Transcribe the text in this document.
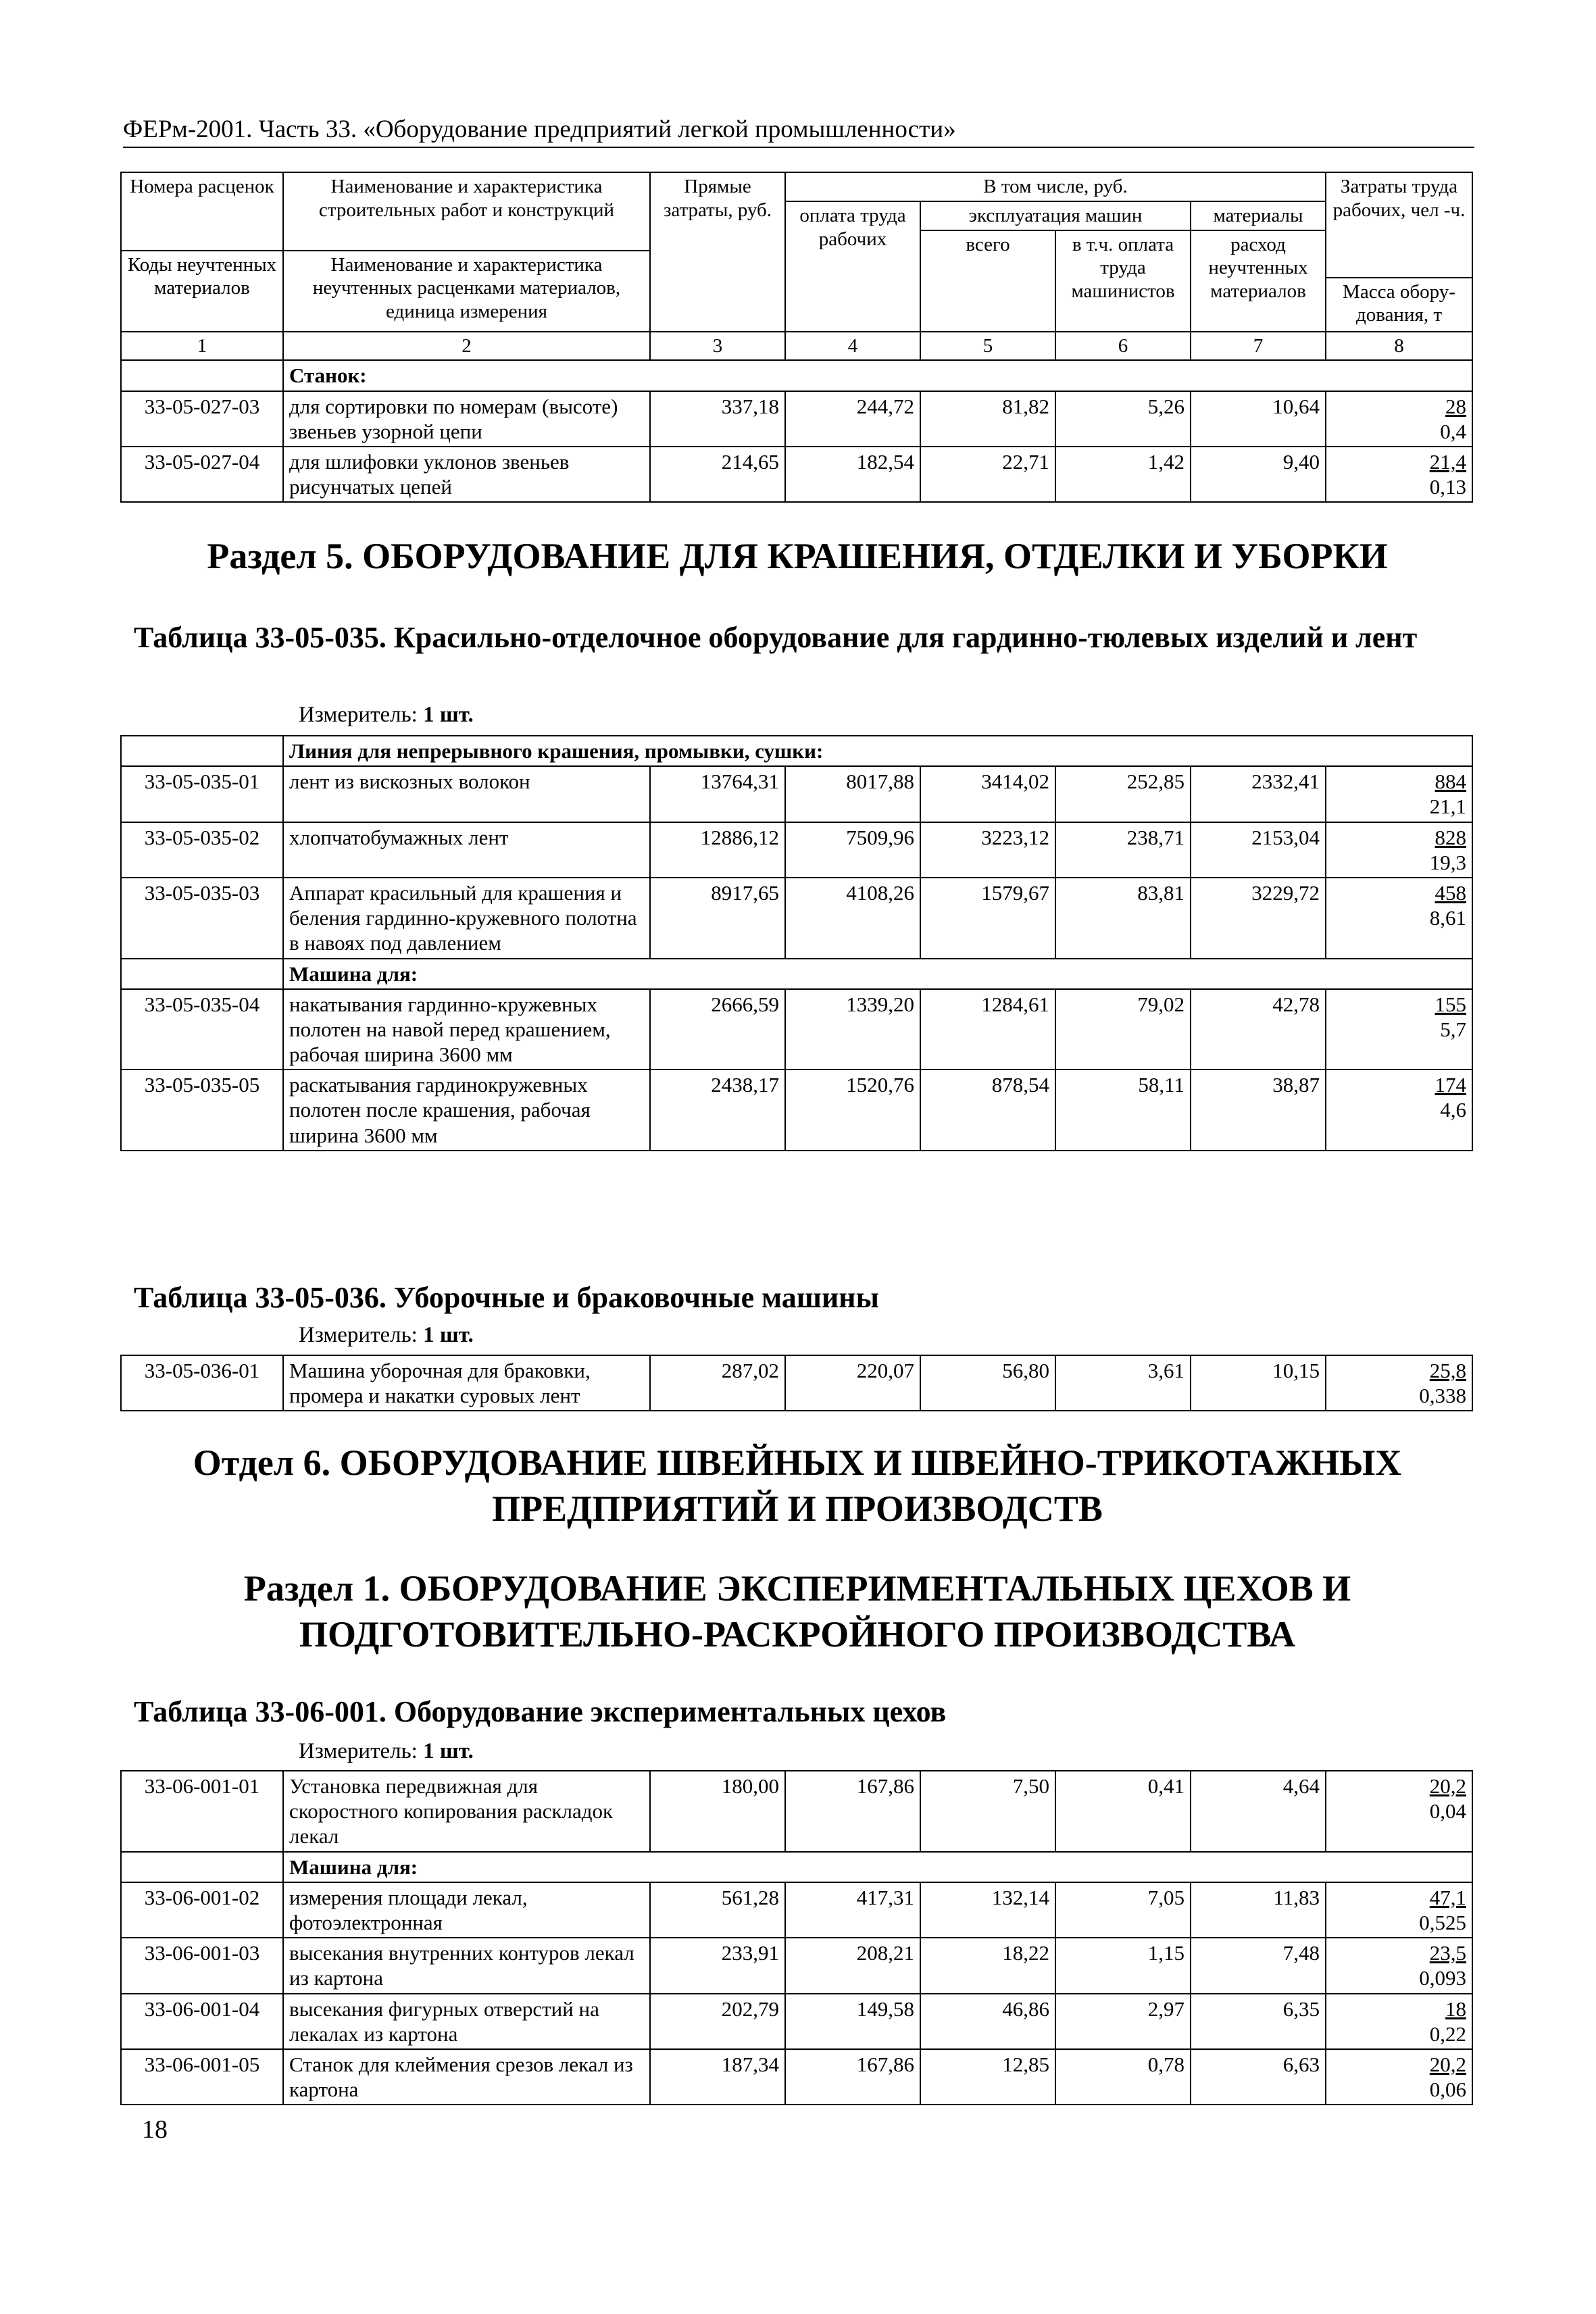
ФЕРм-2001. Часть 33. «Оборудование предприятий легкой промышленности»
Номера расценок	Наименование и характеристика строительных работ и конструкций	Прямые затраты, руб.	В том числе, руб.				Затраты труда рабочих, чел -ч.
			оплата труда рабочих	эксплуатация машин		материалы	
				всего	в т.ч. оплата труда машинистов	расход неучтенных материалов	
Коды неучтенных материалов	Наименование и характеристика неучтенных расценками материалов, единица измерения						
							Масса обору-дования, т

1	2	3	4	5	6	7	8
	Станок:						
33-05-027-03	для сортировки по номерам (высоте) звеньев узорной цепи	337,18	244,72	81,82	5,26	10,64	28
0,4

33-05-027-04	для шлифовки уклонов звеньев рисунчатых цепей	214,65	182,54	22,71	1,42	9,40	21,4
0,13
Раздел 5. ОБОРУДОВАНИЕ ДЛЯ КРАШЕНИЯ, ОТДЕЛКИ И УБОРКИ
Таблица 33-05-035. Красильно-отделочное оборудование для гардинно-тюлевых изделий и лент
Измеритель: 1 шт.
	Линия для непрерывного крашения, промывки, сушки:						
33-05-035-01	лент из вискозных волокон	13764,31	8017,88	3414,02	252,85	2332,41	884
21,1

33-05-035-02	хлопчатобумажных лент	12886,12	7509,96	3223,12	238,71	2153,04	828
19,3

33-05-035-03	Аппарат красильный для крашения и беления гардинно-кружевного полотна в навоях под давлением	8917,65	4108,26	1579,67	83,81	3229,72	458
8,61

	Машина для:						
33-05-035-04	накатывания гардинно-кружевных полотен на навой перед крашением, рабочая ширина 3600 мм	2666,59	1339,20	1284,61	79,02	42,78	155
5,7

33-05-035-05	раскатывания гардинокружевных полотен после крашения, рабочая ширина 3600 мм	2438,17	1520,76	878,54	58,11	38,87	174
4,6
Таблица 33-05-036. Уборочные и браковочные машины
Измеритель: 1 шт.
33-05-036-01	Машина уборочная для браковки, промера и накатки суровых лент	287,02	220,07	56,80	3,61	10,15	25,8
0,338
Отдел 6. ОБОРУДОВАНИЕ ШВЕЙНЫХ И ШВЕЙНО-ТРИКОТАЖНЫХ
ПРЕДПРИЯТИЙ И ПРОИЗВОДСТВ
Раздел 1. ОБОРУДОВАНИЕ ЭКСПЕРИМЕНТАЛЬНЫХ ЦЕХОВ И
ПОДГОТОВИТЕЛЬНО-РАСКРОЙНОГО ПРОИЗВОДСТВА
Таблица 33-06-001. Оборудование экспериментальных цехов
Измеритель: 1 шт.
33-06-001-01	Установка передвижная для скоростного копирования раскладок лекал	180,00	167,86	7,50	0,41	4,64	20,2
0,04

	Машина для:						
33-06-001-02	измерения площади лекал, фотоэлектронная	561,28	417,31	132,14	7,05	11,83	47,1
0,525

33-06-001-03	высекания внутренних контуров лекал из картона	233,91	208,21	18,22	1,15	7,48	23,5
0,093

33-06-001-04	высекания фигурных отверстий на лекалах из картона	202,79	149,58	46,86	2,97	6,35	18
0,22

33-06-001-05	Станок для клеймения срезов лекал из картона	187,34	167,86	12,85	0,78	6,63	20,2
0,06
18
